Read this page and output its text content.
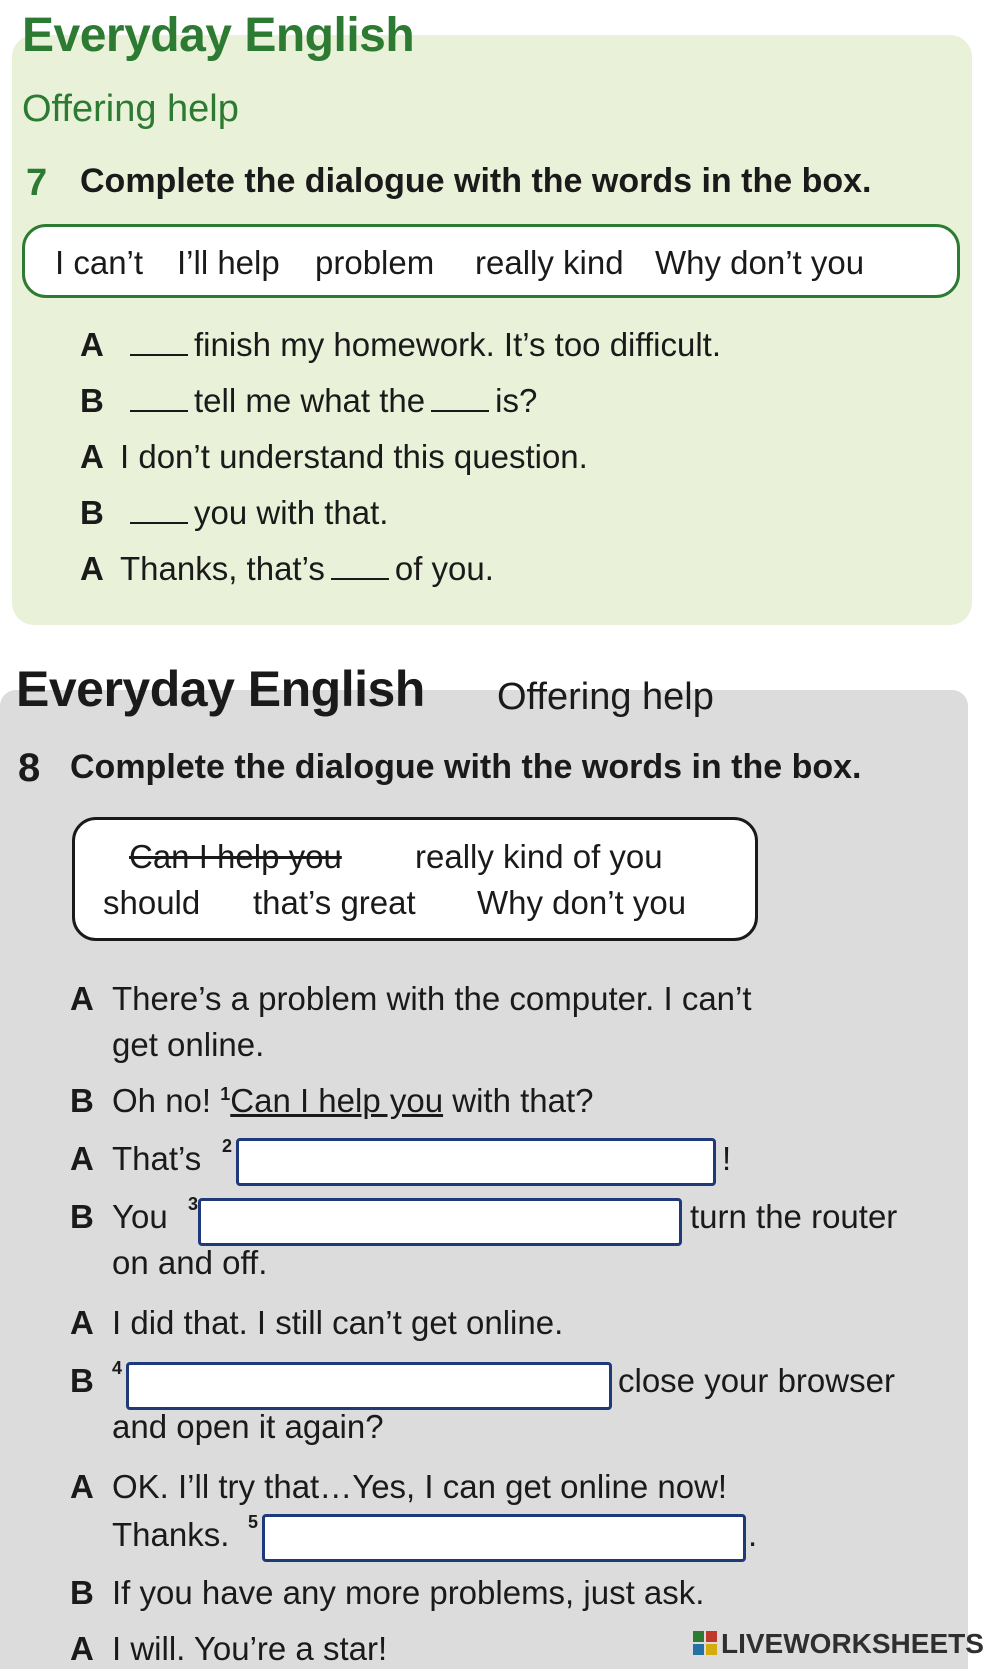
Everyday English
Offering help
7 Complete the dialogue with the words in the box.
I can’t I’ll help problem really kind Why don’t you
A	finish my homework. It’s too difficult.
B	tell me what the is?
A I don’t understand this question.
B	you with that.
A Thanks, that’s of you.
Everyday English Offering help
8 Complete the dialogue with the words in the box.
Can I help you really kind of you
should that’s great Why don’t you
A There’s a problem with the computer. I can’t
get online.
B Oh no! $^1$Can I help you with that?
A That’s 2	!
B You 3	turn the router
on and off.
A I did that. I still can’t get online.
B 4	close your browser
and open it again?
A OK. I’ll try that…Yes, I can get online now!
Thanks. 5	.
B If you have any more problems, just ask.
A I will. You’re a star!	LIVEWORKSHEETS
